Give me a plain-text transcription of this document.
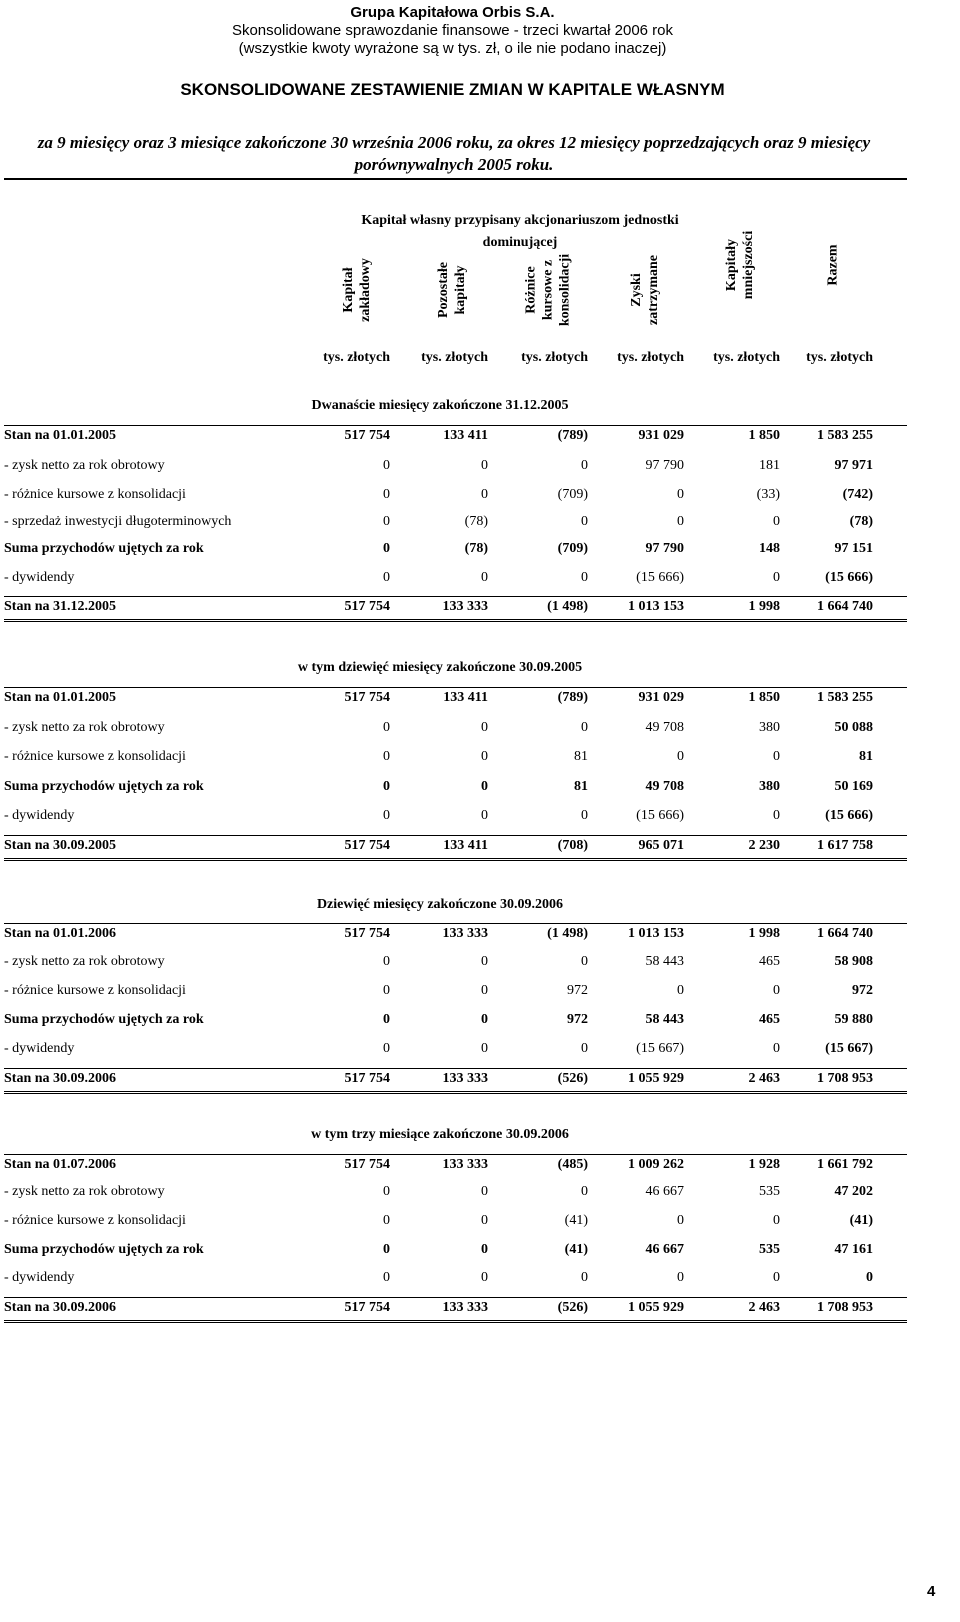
Grupa Kapitałowa Orbis S.A.
Skonsolidowane sprawozdanie finansowe - trzeci kwartał 2006 rok
(wszystkie kwoty wyrażone są w tys. zł, o ile nie podano inaczej)
SKONSOLIDOWANE ZESTAWIENIE ZMIAN W KAPITALE WŁASNYM
za 9 miesięcy oraz 3 miesiące zakończone 30 września 2006 roku, za okres 12 miesięcy poprzedzających oraz 9 miesięcy porównywalnych 2005 roku.
Kapitał własny przypisany akcjonariuszom jednostki dominującej
Kapitał zakładowy	Pozostałe kapitały	Różnice kursowe z konsolidacji	Zyski zatrzymane	Kapitały mniejszości	Razem
tys. złotych	tys. złotych	tys. złotych	tys. złotych	tys. złotych	tys. złotych
Dwanaście miesięcy zakończone 31.12.2005
Stan na 01.01.2005	517 754	133 411	(789)	931 029	1 850	1 583 255
- zysk netto za rok obrotowy	0	0	0	97 790	181	97 971
- różnice kursowe z konsolidacji	0	0	(709)	0	(33)	(742)
- sprzedaż inwestycji długoterminowych	0	(78)	0	0	0	(78)
Suma przychodów ujętych za rok	0	(78)	(709)	97 790	148	97 151
- dywidendy	0	0	0	(15 666)	0	(15 666)
Stan na 31.12.2005	517 754	133 333	(1 498)	1 013 153	1 998	1 664 740
w tym dziewięć miesięcy zakończone 30.09.2005
Stan na 01.01.2005	517 754	133 411	(789)	931 029	1 850	1 583 255
- zysk netto za rok obrotowy	0	0	0	49 708	380	50 088
- różnice kursowe z konsolidacji	0	0	81	0	0	81
Suma przychodów ujętych za rok	0	0	81	49 708	380	50 169
- dywidendy	0	0	0	(15 666)	0	(15 666)
Stan na 30.09.2005	517 754	133 411	(708)	965 071	2 230	1 617 758
Dziewięć miesięcy zakończone 30.09.2006
Stan na 01.01.2006	517 754	133 333	(1 498)	1 013 153	1 998	1 664 740
- zysk netto za rok obrotowy	0	0	0	58 443	465	58 908
- różnice kursowe z konsolidacji	0	0	972	0	0	972
Suma przychodów ujętych za rok	0	0	972	58 443	465	59 880
- dywidendy	0	0	0	(15 667)	0	(15 667)
Stan na 30.09.2006	517 754	133 333	(526)	1 055 929	2 463	1 708 953
w tym trzy miesiące zakończone 30.09.2006
Stan na 01.07.2006	517 754	133 333	(485)	1 009 262	1 928	1 661 792
- zysk netto za rok obrotowy	0	0	0	46 667	535	47 202
- różnice kursowe z konsolidacji	0	0	(41)	0	0	(41)
Suma przychodów ujętych za rok	0	0	(41)	46 667	535	47 161
- dywidendy	0	0	0	0	0	0
Stan na 30.09.2006	517 754	133 333	(526)	1 055 929	2 463	1 708 953
4
